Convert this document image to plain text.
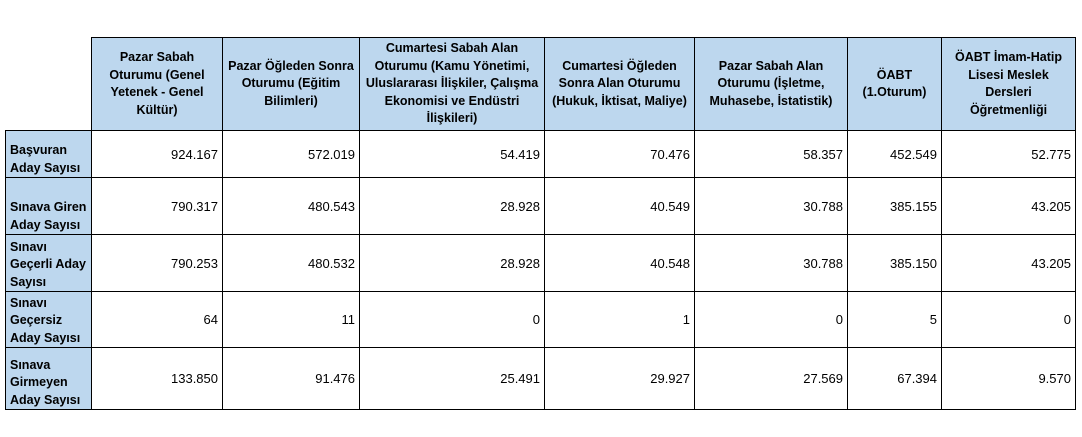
	Pazar Sabah Oturumu (Genel Yetenek - Genel Kültür)	Pazar Öğleden Sonra Oturumu (Eğitim Bilimleri)	Cumartesi Sabah Alan Oturumu (Kamu Yönetimi, Uluslararası İlişkiler, Çalışma Ekonomisi ve Endüstri İlişkileri)	Cumartesi Öğleden Sonra Alan Oturumu (Hukuk, İktisat, Maliye)	Pazar Sabah Alan Oturumu (İşletme, Muhasebe, İstatistik)	ÖABT (1.Oturum)	ÖABT İmam-Hatip Lisesi Meslek Dersleri Öğretmenliği
Başvuran Aday Sayısı	924.167	572.019	54.419	70.476	58.357	452.549	52.775
Sınava Giren Aday Sayısı	790.317	480.543	28.928	40.549	30.788	385.155	43.205
Sınavı Geçerli Aday Sayısı	790.253	480.532	28.928	40.548	30.788	385.150	43.205
Sınavı Geçersiz Aday Sayısı	64	11	0	1	0	5	0
Sınava Girmeyen Aday Sayısı	133.850	91.476	25.491	29.927	27.569	67.394	9.570
